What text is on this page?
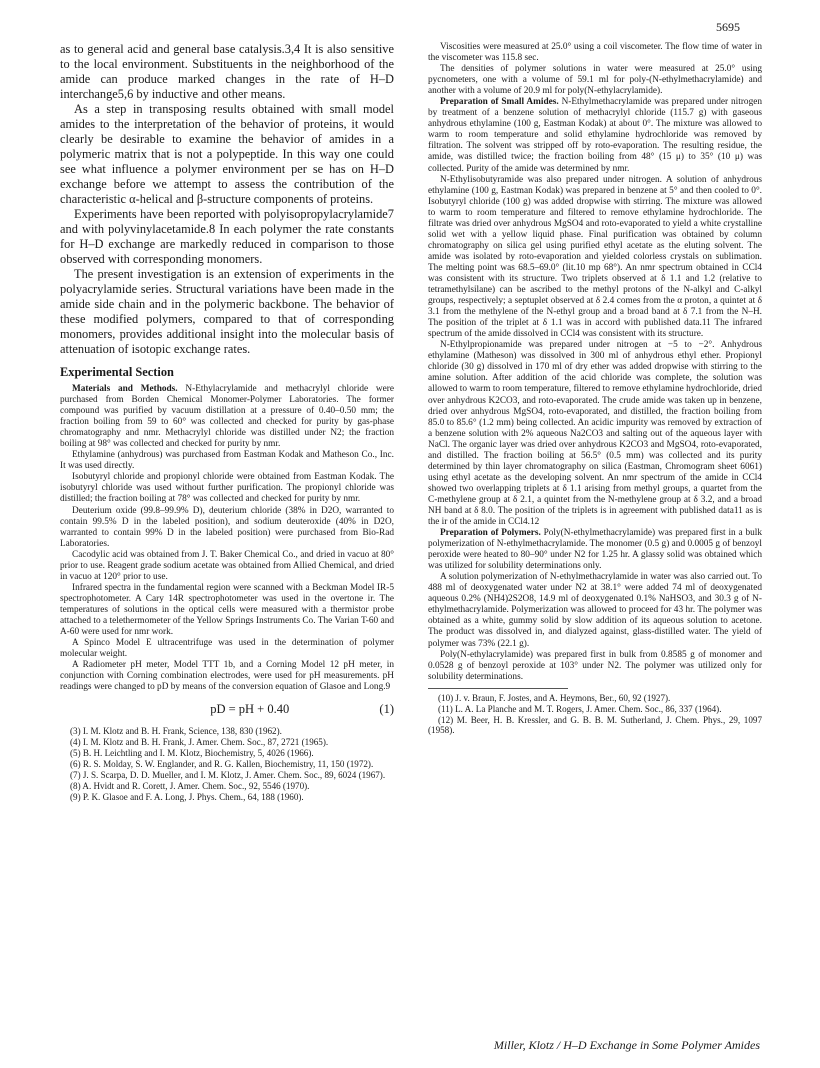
5695

as to general acid and general base catalysis.3,4 It is also sensitive to the local environment. Substituents in the neighborhood of the amide can produce marked changes in the rate of H–D interchange5,6 by inductive and other means.

As a step in transposing results obtained with small model amides to the interpretation of the behavior of proteins, it would clearly be desirable to examine the behavior of amides in a polymeric matrix that is not a polypeptide. In this way one could see what influence a polymer environment per se has on H–D exchange before we attempt to assess the contribution of the characteristic α-helical and β-structure components of proteins.

Experiments have been reported with polyisopropylacrylamide7 and with polyvinylacetamide.8 In each polymer the rate constants for H–D exchange are markedly reduced in comparison to those observed with corresponding monomers.

The present investigation is an extension of experiments in the polyacrylamide series. Structural variations have been made in the amide side chain and in the polymeric backbone. The behavior of these modified polymers, compared to that of corresponding monomers, provides additional insight into the molecular basis of attenuation of isotopic exchange rates.

Experimental Section

Materials and Methods. N-Ethylacrylamide and methacrylyl chloride were purchased from Borden Chemical Monomer-Polymer Laboratories. The former compound was purified by vacuum distillation at a pressure of 0.40–0.50 mm; the fraction boiling from 59 to 60° was collected and checked for purity by gas-phase chromatography and nmr. Methacrylyl chloride was distilled under N2; the fraction boiling at 98° was collected and checked for purity by nmr.

Ethylamine (anhydrous) was purchased from Eastman Kodak and Matheson Co., Inc. It was used directly.

Isobutyryl chloride and propionyl chloride were obtained from Eastman Kodak. The isobutyryl chloride was used without further purification. The propionyl chloride was distilled; the fraction boiling at 78° was collected and checked for purity by nmr.

Deuterium oxide (99.8–99.9% D), deuterium chloride (38% in D2O, warranted to contain 99.5% D in the labeled position), and sodium deuteroxide (40% in D2O, warranted to contain 99% D in the labeled position) were purchased from Bio-Rad Laboratories.

Cacodylic acid was obtained from J. T. Baker Chemical Co., and dried in vacuo at 80° prior to use. Reagent grade sodium acetate was obtained from Allied Chemical, and dried in vacuo at 120° prior to use.

Infrared spectra in the fundamental region were scanned with a Beckman Model IR-5 spectrophotometer. A Cary 14R spectrophotometer was used in the overtone ir. The temperatures of solutions in the optical cells were measured with a thermistor probe attached to a telethermometer of the Yellow Springs Instruments Co. The Varian T-60 and A-60 were used for nmr work.

A Spinco Model E ultracentrifuge was used in the determination of polymer molecular weight.

A Radiometer pH meter, Model TTT 1b, and a Corning Model 12 pH meter, in conjunction with Corning combination electrodes, were used for pH measurements. pH readings were changed to pD by means of the conversion equation of Glasoe and Long.9

pD = pH + 0.40	(1)

(3) I. M. Klotz and B. H. Frank, Science, 138, 830 (1962).

(4) I. M. Klotz and B. H. Frank, J. Amer. Chem. Soc., 87, 2721 (1965).

(5) B. H. Leichtling and I. M. Klotz, Biochemistry, 5, 4026 (1966).

(6) R. S. Molday, S. W. Englander, and R. G. Kallen, Biochemistry, 11, 150 (1972).

(7) J. S. Scarpa, D. D. Mueller, and I. M. Klotz, J. Amer. Chem. Soc., 89, 6024 (1967).

(8) A. Hvidt and R. Corett, J. Amer. Chem. Soc., 92, 5546 (1970).

(9) P. K. Glasoe and F. A. Long, J. Phys. Chem., 64, 188 (1960).

Viscosities were measured at 25.0° using a coil viscometer. The flow time of water in the viscometer was 115.8 sec.

The densities of polymer solutions in water were measured at 25.0° using pycnometers, one with a volume of 59.1 ml for poly-(N-ethylmethacrylamide) and another with a volume of 20.9 ml for poly(N-ethylacrylamide).

Preparation of Small Amides. N-Ethylmethacrylamide was prepared under nitrogen by treatment of a benzene solution of methacrylyl chloride (115.7 g) with gaseous anhydrous ethylamine (100 g, Eastman Kodak) at about 0°. The mixture was allowed to warm to room temperature and solid ethylamine hydrochloride was removed by filtration. The solvent was stripped off by roto-evaporation. The resulting residue, the amide, was distilled twice; the fraction boiling from 48° (15 μ) to 35° (10 μ) was collected. Purity of the amide was determined by nmr.

N-Ethylisobutyramide was also prepared under nitrogen. A solution of anhydrous ethylamine (100 g, Eastman Kodak) was prepared in benzene at 5° and then cooled to 0°. Isobutyryl chloride (100 g) was added dropwise with stirring. The mixture was allowed to warm to room temperature and filtered to remove ethylamine hydrochloride. The filtrate was dried over anhydrous MgSO4 and roto-evaporated to yield a white crystalline solid wet with a yellow liquid phase. Final purification was obtained by column chromatography on silica gel using purified ethyl acetate as the eluting solvent. The amide was isolated by roto-evaporation and yielded colorless crystals on sublimation. The melting point was 68.5–69.0° (lit.10 mp 68°). An nmr spectrum obtained in CCl4 was consistent with its structure. Two triplets observed at δ 1.1 and 1.2 (relative to tetramethylsilane) can be ascribed to the methyl protons of the N-alkyl and C-alkyl groups, respectively; a septuplet observed at δ 2.4 comes from the α proton, a quintet at δ 3.1 from the methylene of the N-ethyl group and a broad band at δ 7.1 from the N–H. The position of the triplet at δ 1.1 was in accord with published data.11 The infrared spectrum of the amide dissolved in CCl4 was consistent with its structure.

N-Ethylpropionamide was prepared under nitrogen at −5 to −2°. Anhydrous ethylamine (Matheson) was dissolved in 300 ml of anhydrous ethyl ether. Propionyl chloride (30 g) dissolved in 170 ml of dry ether was added dropwise with stirring to the amine solution. After addition of the acid chloride was complete, the solution was allowed to warm to room temperature, filtered to remove ethylamine hydrochloride, dried over anhydrous K2CO3, and roto-evaporated. The crude amide was taken up in benzene, dried over anhydrous MgSO4, roto-evaporated, and distilled, the fraction boiling from 85.0 to 85.6° (1.2 mm) being collected. An acidic impurity was removed by extraction of a benzene solution with 2% aqueous Na2CO3 and salting out of the aqueous layer with NaCl. The organic layer was dried over anhydrous K2CO3 and MgSO4, roto-evaporated, and distilled. The fraction boiling at 56.5° (0.5 mm) was collected and its purity determined by thin layer chromatography on silica (Eastman, Chromogram sheet 6061) using ethyl acetate as the developing solvent. An nmr spectrum of the amide in CCl4 showed two overlapping triplets at δ 1.1 arising from methyl groups, a quartet from the C-methylene group at δ 2.1, a quintet from the N-methylene group at δ 3.2, and a broad NH band at δ 8.0. The position of the triplets is in agreement with published data11 as is the ir of the amide in CCl4.12

Preparation of Polymers. Poly(N-ethylmethacrylamide) was prepared first in a bulk polymerization of N-ethylmethacrylamide. The monomer (0.5 g) and 0.0005 g of benzoyl peroxide were heated to 80–90° under N2 for 1.25 hr. A glassy solid was obtained which was utilized for solubility determinations only.

A solution polymerization of N-ethylmethacrylamide in water was also carried out. To 488 ml of deoxygenated water under N2 at 38.1° were added 74 ml of deoxygenated aqueous 0.2% (NH4)2S2O8, 14.9 ml of deoxygenated 0.1% NaHSO3, and 30.3 g of N-ethylmethacrylamide. Polymerization was allowed to proceed for 43 hr. The polymer was obtained as a white, gummy solid by slow addition of its aqueous solution to acetone. The product was dissolved in, and dialyzed against, glass-distilled water. The yield of polymer was 73% (22.1 g).

Poly(N-ethylacrylamide) was prepared first in bulk from 0.8585 g of monomer and 0.0528 g of benzoyl peroxide at 103° under N2. The polymer was utilized only for solubility determinations.

(10) J. v. Braun, F. Jostes, and A. Heymons, Ber., 60, 92 (1927).

(11) L. A. La Planche and M. T. Rogers, J. Amer. Chem. Soc., 86, 337 (1964).

(12) M. Beer, H. B. Kressler, and G. B. B. M. Sutherland, J. Chem. Phys., 29, 1097 (1958).

Miller, Klotz / H–D Exchange in Some Polymer Amides
